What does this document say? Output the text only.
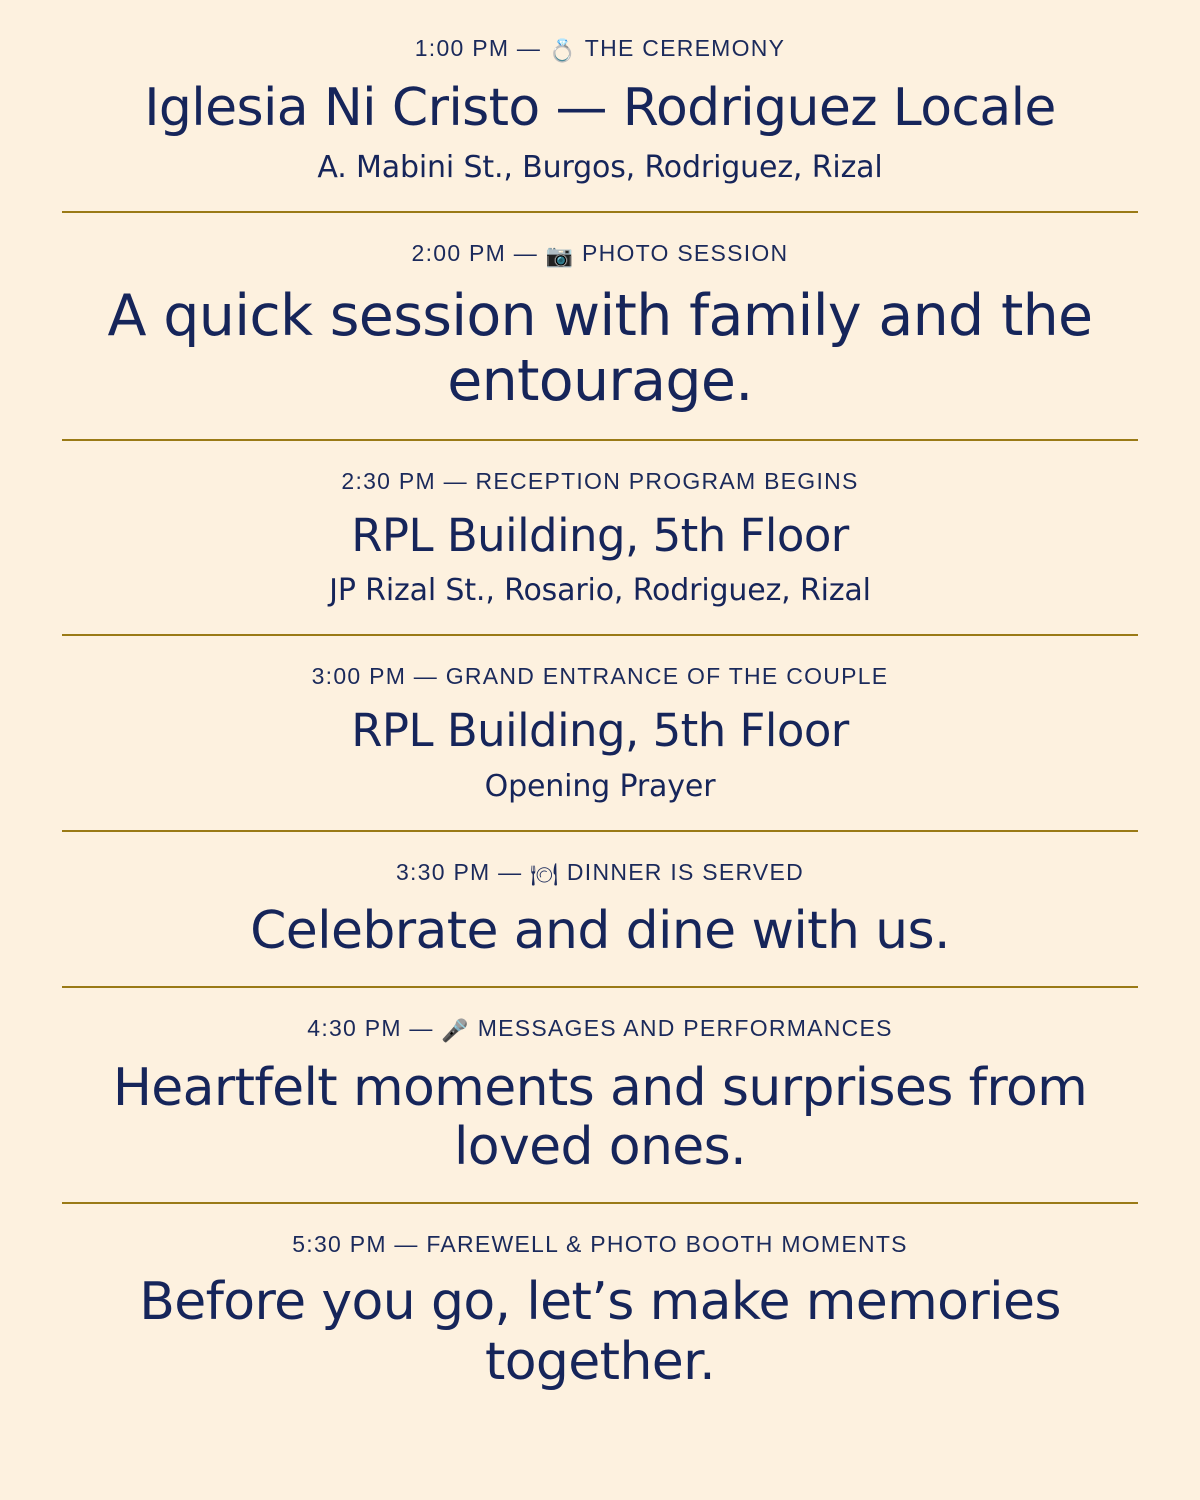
1:00 PM — 💍 THE CEREMONY
Iglesia Ni Cristo — Rodriguez Locale
A. Mabini St., Burgos, Rodriguez, Rizal
2:00 PM — 📷 PHOTO SESSION
A quick session with family and the entourage.
2:30 PM — RECEPTION PROGRAM BEGINS
RPL Building, 5th Floor
JP Rizal St., Rosario, Rodriguez, Rizal
3:00 PM — GRAND ENTRANCE OF THE COUPLE
RPL Building, 5th Floor
Opening Prayer
3:30 PM — 🍽 DINNER IS SERVED
Celebrate and dine with us.
4:30 PM — 🎤 MESSAGES AND PERFORMANCES
Heartfelt moments and surprises from loved ones.
5:30 PM — FAREWELL & PHOTO BOOTH MOMENTS
Before you go, let’s make memories together.
